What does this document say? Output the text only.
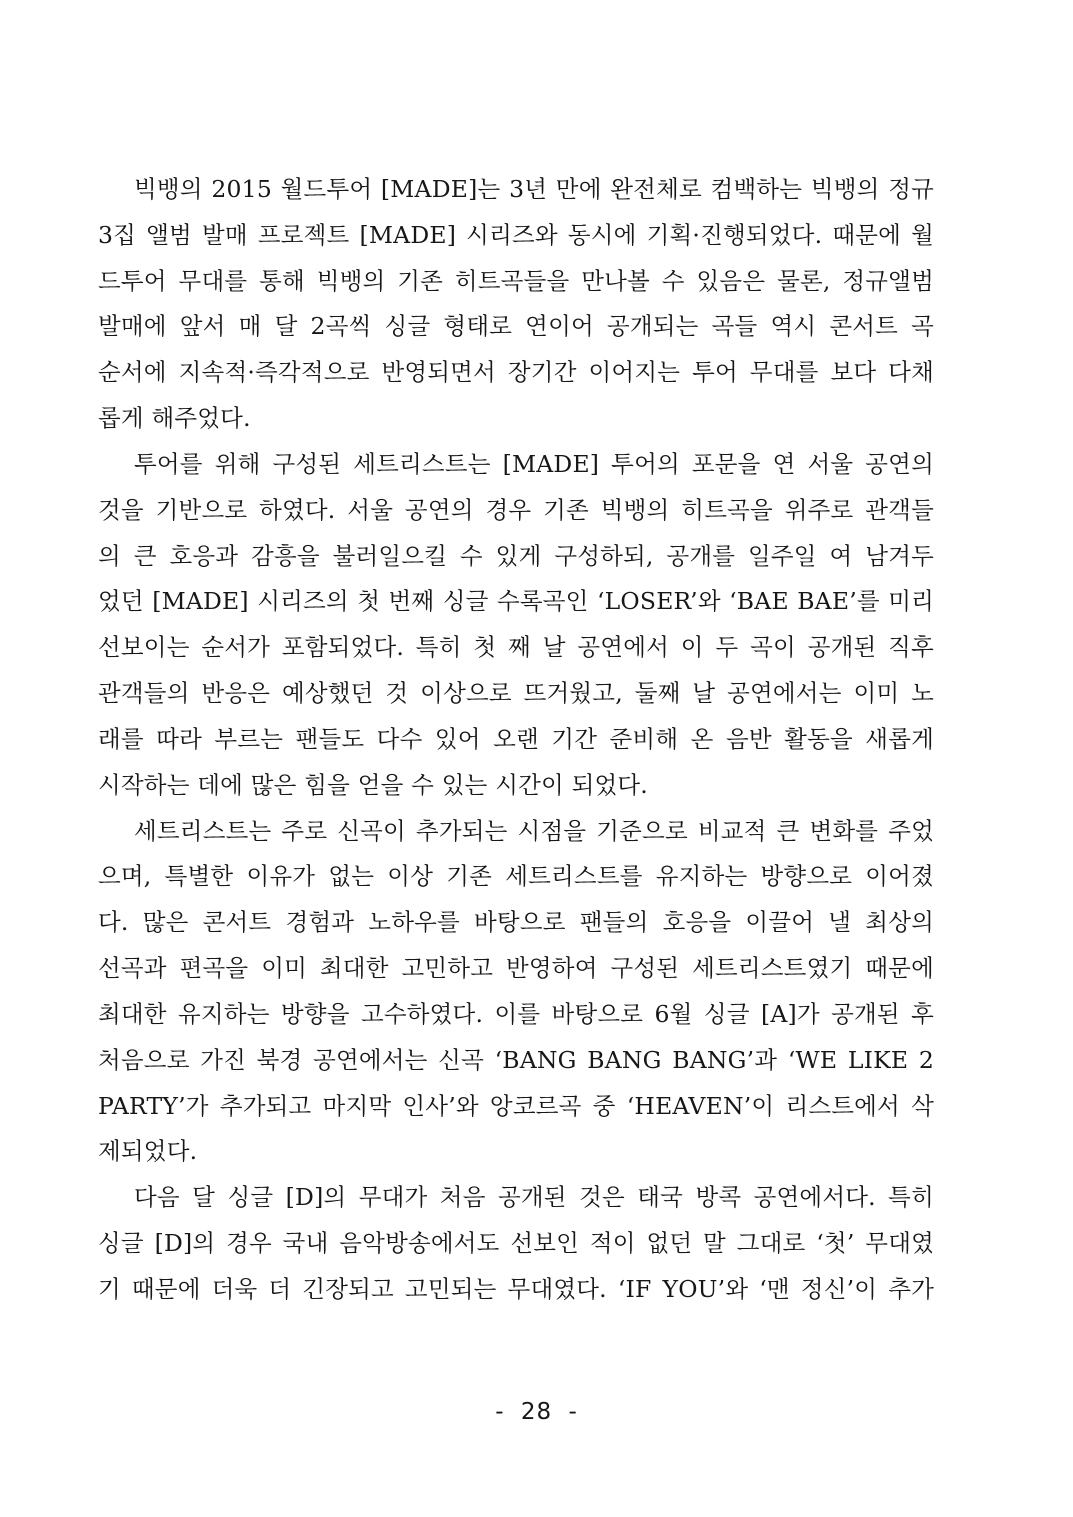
빅뱅의 2015 월드투어 [MADE]는 3년 만에 완전체로 컴백하는 빅뱅의 정규
3집 앨범 발매 프로젝트 [MADE] 시리즈와 동시에 기획·진행되었다. 때문에 월
드투어 무대를 통해 빅뱅의 기존 히트곡들을 만나볼 수 있음은 물론, 정규앨범
발매에 앞서 매 달 2곡씩 싱글 형태로 연이어 공개되는 곡들 역시 콘서트 곡
순서에 지속적·즉각적으로 반영되면서 장기간 이어지는 투어 무대를 보다 다채
롭게 해주었다.
투어를 위해 구성된 세트리스트는 [MADE] 투어의 포문을 연 서울 공연의
것을 기반으로 하였다. 서울 공연의 경우 기존 빅뱅의 히트곡을 위주로 관객들
의 큰 호응과 감흥을 불러일으킬 수 있게 구성하되, 공개를 일주일 여 남겨두
었던 [MADE] 시리즈의 첫 번째 싱글 수록곡인 ‘LOSER’와 ‘BAE BAE’를 미리
선보이는 순서가 포함되었다. 특히 첫 째 날 공연에서 이 두 곡이 공개된 직후
관객들의 반응은 예상했던 것 이상으로 뜨거웠고, 둘째 날 공연에서는 이미 노
래를 따라 부르는 팬들도 다수 있어 오랜 기간 준비해 온 음반 활동을 새롭게
시작하는 데에 많은 힘을 얻을 수 있는 시간이 되었다.
세트리스트는 주로 신곡이 추가되는 시점을 기준으로 비교적 큰 변화를 주었
으며, 특별한 이유가 없는 이상 기존 세트리스트를 유지하는 방향으로 이어졌
다. 많은 콘서트 경험과 노하우를 바탕으로 팬들의 호응을 이끌어 낼 최상의
선곡과 편곡을 이미 최대한 고민하고 반영하여 구성된 세트리스트였기 때문에
최대한 유지하는 방향을 고수하였다. 이를 바탕으로 6월 싱글 [A]가 공개된 후
처음으로 가진 북경 공연에서는 신곡 ‘BANG BANG BANG’과 ‘WE LIKE 2
PARTY’가 추가되고 마지막 인사’와 앙코르곡 중 ‘HEAVEN’이 리스트에서 삭
제되었다.
다음 달 싱글 [D]의 무대가 처음 공개된 것은 태국 방콕 공연에서다. 특히
싱글 [D]의 경우 국내 음악방송에서도 선보인 적이 없던 말 그대로 ‘첫’ 무대였
기 때문에 더욱 더 긴장되고 고민되는 무대였다. ‘IF YOU’와 ‘맨 정신’이 추가
- 28 -
